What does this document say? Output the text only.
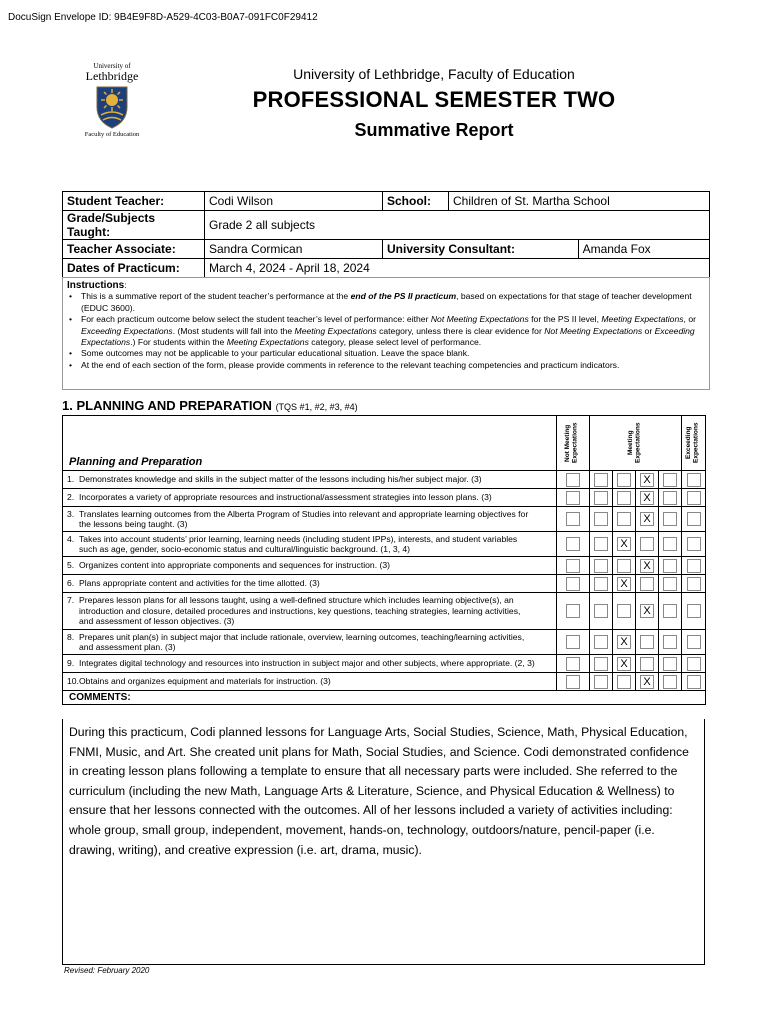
DocuSign Envelope ID: 9B4E9F8D-A529-4C03-B0A7-091FC0F29412
University of
Lethbridge
Faculty of Education
University of Lethbridge, Faculty of Education
PROFESSIONAL SEMESTER TWO
Summative Report
Student Teacher:	Codi Wilson	School:	Children of St. Martha School	
Grade/Subjects Taught:	Grade 2 all subjects			
Teacher Associate:	Sandra Cormican	University Consultant:		Amanda Fox
Dates of Practicum:	March 4, 2024 - April 18, 2024			
Instructions:
• This is a summative report of the student teacher’s performance at the end of the PS II practicum, based on expectations for that stage of teacher development (EDUC 3600).
• For each practicum outcome below select the student teacher’s level of performance: either Not Meeting Expectations for the PS II level, Meeting Expectations, or Exceeding Expectations. (Most students will fall into the Meeting Expectations category, unless there is clear evidence for Not Meeting Expectations or Exceeding Expectations.) For students within the Meeting Expectations category, please select level of performance.
• Some outcomes may not be applicable to your particular educational situation. Leave the space blank.
• At the end of each section of the form, please provide comments in reference to the relevant teaching competencies and practicum indicators.
1. PLANNING AND PREPARATION (TQS #1, #2, #3, #4)
Planning and Preparation	Not Meeting Expectations	Meeting Expectations				Exceeding Expectations

1. Demonstrates knowledge and skills in the subject matter of the lessons including his/her subject major. (3)				X		

2. Incorporates a variety of appropriate resources and instructional/assessment strategies into lesson plans. (3)				X		

3. Translates learning outcomes from the Alberta Program of Studies into relevant and appropriate learning objectives for
the lessons being taught. (3)				X		

4. Takes into account students’ prior learning, learning needs (including student IPPs), interests, and student variables
such as age, gender, socio-economic status and cultural/linguistic background. (1, 3, 4)			X			

5. Organizes content into appropriate components and sequences for instruction. (3)				X		

6. Plans appropriate content and activities for the time allotted. (3)			X			

7. Prepares lesson plans for all lessons taught, using a well-defined structure which includes learning objective(s), an
introduction and closure, detailed procedures and instructions, key questions, teaching strategies, learning activities,
and assessment of lesson objectives. (3)				X		

8. Prepares unit plan(s) in subject major that include rationale, overview, learning outcomes, teaching/learning activities,
and assessment plan. (3)			X			

9. Integrates digital technology and resources into instruction in subject major and other subjects, where appropriate. (2, 3)			X			

10.Obtains and organizes equipment and materials for instruction. (3)				X		

COMMENTS:						
During this practicum, Codi planned lessons for Language Arts, Social Studies, Science, Math, Physical Education, FNMI, Music, and Art. She created unit plans for Math, Social Studies, and Science. Codi demonstrated confidence in creating lesson plans following a template to ensure that all necessary parts were included. She referred to the curriculum (including the new Math, Language Arts & Literature, Science, and Physical Education & Wellness) to ensure that her lessons connected with the outcomes. All of her lessons included a variety of activities including: whole group, small group, independent, movement, hands-on, technology, outdoors/nature, pencil-paper (i.e. drawing, writing), and creative expression (i.e. art, drama, music).
Revised: February 2020
